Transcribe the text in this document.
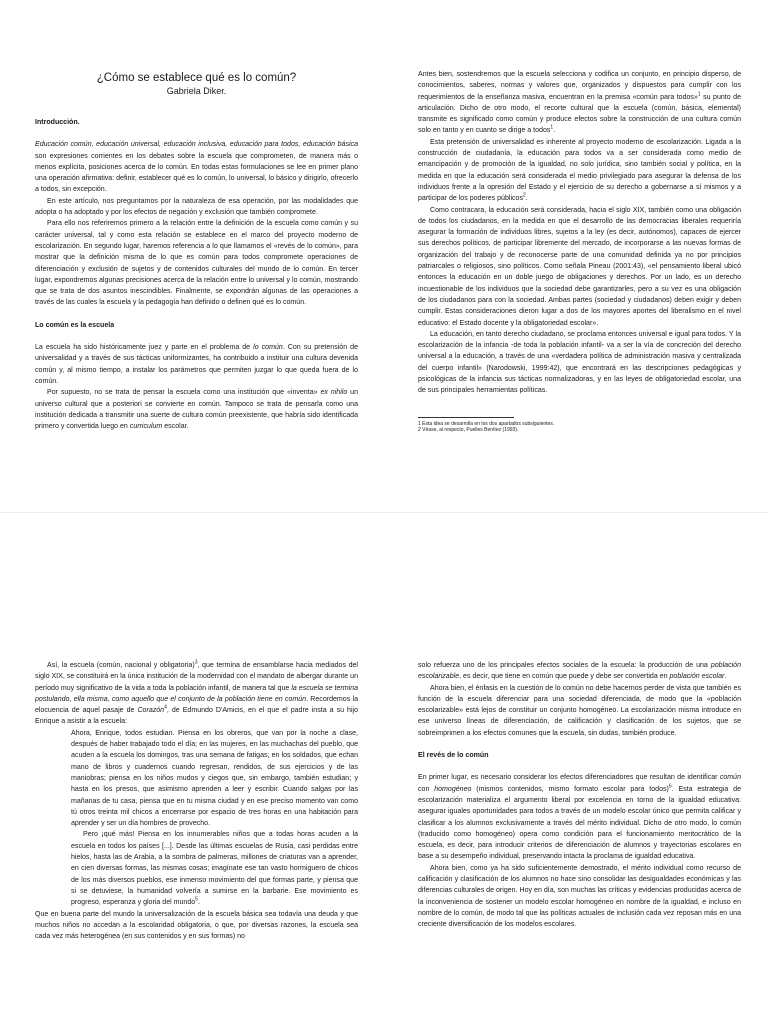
¿Cómo se establece qué es lo común?

Gabriela Diker.

Introducción.

Educación común, educación universal, educación inclusiva, educación para todos, educación básica son expresiones corrientes en los debates sobre la escuela que comprometen, de manera más o menos explícita, posiciones acerca de lo común. En todas estas formulaciones se lee en primer plano una operación afirmativa: definir, establecer qué es lo común, lo universal, lo básico y dirigirlo, ofrecerlo a todos, sin excepción.

En este artículo, nos preguntamos por la naturaleza de esa operación, por las modalidades que adopta o ha adoptado y por los efectos de negación y exclusión que también compromete.

Para ello nos referiremos primero a la relación entre la definición de la escuela como común y su carácter universal, tal y como esta relación se establece en el marco del proyecto moderno de escolarización. En segundo lugar, haremos referencia a lo que llamamos el «revés de lo común», para mostrar que la definición misma de lo que es común para todos compromete operaciones de diferenciación y exclusión de sujetos y de contenidos culturales del mundo de lo común. En tercer lugar, expondremos algunas precisiones acerca de la relación entre lo universal y lo común, mostrando que se trata de dos asuntos inescindibles. Finalmente, se expondrán algunas de las operaciones a través de las cuales la escuela y la pedagogía han definido o definen qué es lo común.

Lo común es la escuela

La escuela ha sido históricamente juez y parte en el problema de lo común. Con su pretensión de universalidad y a través de sus tácticas uniformizantes, ha contribuido a instituir una cultura devenida común y, al mismo tiempo, a instalar los parámetros que permiten juzgar lo que queda fuera de lo común.

Por supuesto, no se trata de pensar la escuela como una institución que «inventa» ex nihilo un universo cultural que a posteriori se convierte en común. Tampoco se trata de pensarla como una institución dedicada a transmitir una suerte de cultura común preexistente, que habría sido identificada primero y convertida luego en curriculum escolar.

Antes bien, sostendremos que la escuela selecciona y codifica un conjunto, en principio disperso, de conocimientos, saberes, normas y valores que, organizados y dispuestos para cumplir con los requerimientos de la enseñanza masiva, encuentran en la premisa «común para todos»$^1$ su punto de articulación. Dicho de otro modo, el recorte cultural que la escuela (común, básica, elemental) transmite es significado como común y produce efectos sobre la construcción de una cultura común solo en tanto y en cuanto se dirige a todos$^1$.

Esta pretensión de universalidad es inherente al proyecto moderno de escolarización. Ligada a la construcción de ciudadanía, la educación para todos va a ser considerada como medio de emancipación y de promoción de la igualdad, no solo jurídica, sino también social y política, en la medida en que la educación será considerada el medio privilegiado para asegurar la defensa de los individuos frente a la opresión del Estado y el ejercicio de su derecho a gobernarse a sí mismos y a participar de los poderes públicos$^2$.

Como contracara, la educación será considerada, hacia el siglo XIX, también como una obligación de todos los ciudadanos, en la medida en que el desarrollo de las democracias liberales requeriría asegurar la formación de individuos libres, sujetos a la ley (es decir, autónomos), capaces de ejercer sus derechos políticos, de participar libremente del mercado, de incorporarse a las nuevas formas de organización del trabajo y de reconocerse parte de una comunidad definida ya no por principios patriarcales o religiosos, sino políticos. Como señala Pineau (2001:43), «el pensamiento liberal ubicó entonces la educación en un doble juego de obligaciones y derechos. Por un lado, es un derecho incuestionable de los individuos que la sociedad debe garantizarles, pero a su vez es una obligación de los ciudadanos para con la sociedad. Ambas partes (sociedad y ciudadanos) deben exigir y deben cumplir. Estas consideraciones dieron lugar a dos de los mayores aportes del liberalismo en el nivel educativo: el Estado docente y la obligatoriedad escolar».

La educación, en tanto derecho ciudadano, se proclama entonces universal e igual para todos. Y la escolarización de la infancia -de toda la población infantil- va a ser la vía de concreción del derecho universal a la educación, a través de una «verdadera política de administración masiva y centralizada del cuerpo infantil» (Narodowski, 1999:42), que encontrará en las descripciones pedagógicas y psicológicas de la infancia sus tácticas normalizadoras, y en las leyes de obligatoriedad escolar, una de sus principales herramientas políticas.

1 Esta idea se desarrolla en los dos apartados subsiguientes.
2 Véase, al respecto, Puelles Benítez (1993).

Así, la escuela (común, nacional y obligatoria)$^3$, que termina de ensamblarse hacia mediados del siglo XIX, se constituirá en la única institución de la modernidad con el mandato de albergar durante un período muy significativo de la vida a toda la población infantil, de manera tal que la escuela se termina postulando, ella misma, como aquello que el conjunto de la población tiene en común. Recordemos la elocuencia de aquel pasaje de Corazón$^4$, de Edmundo D'Amicis, en el que el padre insta a su hijo Enrique a asistir a la escuela:

Ahora, Enrique, todos estudian. Piensa en los obreros, que van por la noche a clase, después de haber trabajado todo el día; en las mujeres, en las muchachas del pueblo, que acuden a la escuela los domingos, tras una semana de fatigas; en los soldados, que echan mano de libros y cuadernos cuando regresan, rendidos, de sus ejercicios y de las maniobras; piensa en los niños mudos y ciegos que, sin embargo, también estudian; y hasta en los presos, que asimismo aprenden a leer y escribir. Cuando salgas por las mañanas de tu casa, piensa que en tu misma ciudad y en ese preciso momento van como tú otros treinta mil chicos a encerrarse por espacio de tres horas en una habitación para aprender y ser un día hombres de provecho.

Pero ¡qué más! Piensa en los innumerables niños que a todas horas acuden a la escuela en todos los países [...]. Desde las últimas escuelas de Rusia, casi perdidas entre hielos, hasta las de Arabia, a la sombra de palmeras, millones de criaturas van a aprender, en cien diversas formas, las mismas cosas; imagínate ese tan vasto hormiguero de chicos de los más diversos pueblos, ese inmenso movimiento del que formas parte, y piensa que si se detuviese, la humanidad volvería a sumirse en la barbarie. Ese movimiento es progreso, esperanza y gloria del mundo$^5$.

Que en buena parte del mundo la universalización de la escuela básica sea todavía una deuda y que muchos niños no accedan a la escolaridad obligatoria, o que, por diversas razones, la escuela sea cada vez más heterogénea (en sus contenidos y en sus formas) no

solo refuerza uno de los principales efectos sociales de la escuela: la producción de una población escolarizable, es decir, que tiene en común que puede y debe ser convertida en población escolar.

Ahora bien, el énfasis en la cuestión de lo común no debe hacernos perder de vista que también es función de la escuela diferenciar para una sociedad diferenciada, de modo que la «población escolarizable» está lejos de constituir un conjunto homogéneo. La escolarización misma introduce en ese universo líneas de diferenciación, de calificación y clasificación de los sujetos, que se sobreimprimen a los efectos comunes que la escuela, sin dudas, también produce.

El revés de lo común

En primer lugar, es necesario considerar los efectos diferenciadores que resultan de identificar común con homogéneo (mismos contenidos, mismo formato escolar para todos)$^6$. Esta estrategia de escolarización materializa el argumento liberal por excelencia en torno de la igualdad educativa: asegurar iguales oportunidades para todos a través de un modelo escolar único que permita calificar y clasificar a los alumnos exclusivamente a través del mérito individual. Dicho de otro modo, lo común (traducido como homogéneo) opera como condición para el funcionamiento meritocrático de la escuela, es decir, para introducir criterios de diferenciación de alumnos y trayectorias escolares en base a su desempeño individual, preservando intacta la proclama de igualdad educativa.

Ahora bien, como ya ha sido suficientemente demostrado, el mérito individual como recurso de calificación y clasificación de los alumnos no hace sino consolidar las desigualdades económicas y las diferencias culturales de origen. Hoy en día, son muchas las críticas y evidencias producidas acerca de la inconveniencia de sostener un modelo escolar homogéneo en nombre de la igualdad, e incluso en nombre de lo común, de modo tal que las políticas actuales de inclusión cada vez reposan más en una creciente diversificación de los modelos escolares.
